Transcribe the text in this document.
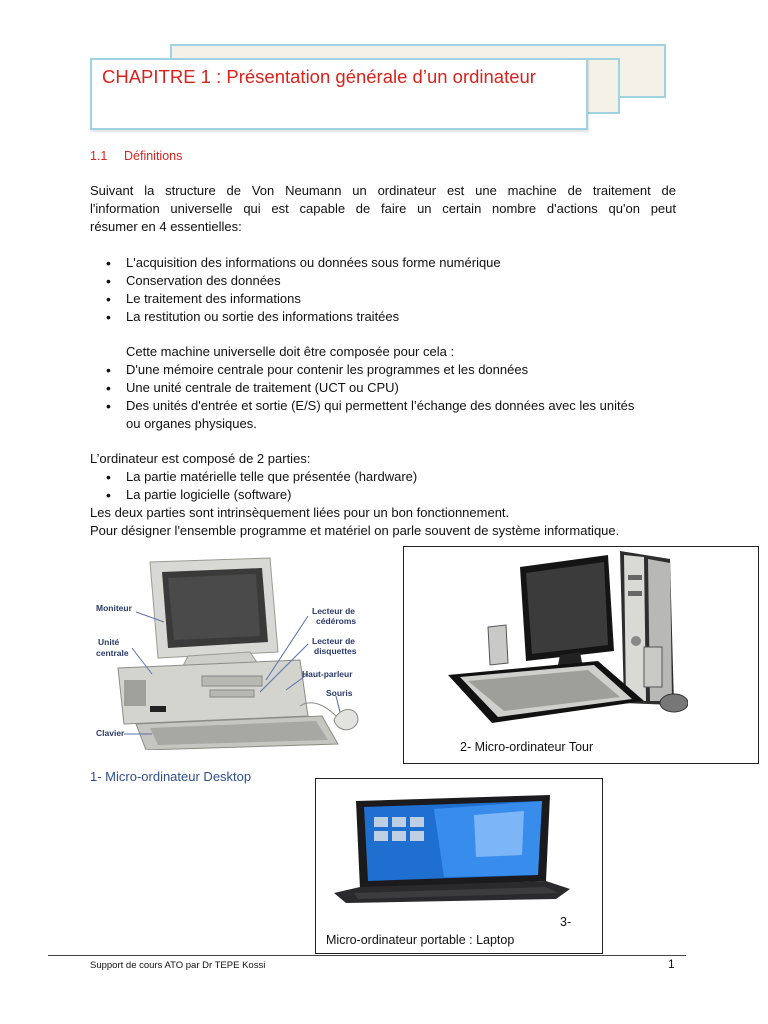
CHAPITRE 1 : Présentation générale d’un ordinateur
1.1 Définitions
Suivant la structure de Von Neumann un ordinateur est une machine de traitement de
l'information universelle qui est capable de faire un certain nombre d'actions qu'on peut
résumer en 4 essentielles:
• L'acquisition des informations ou données sous forme numérique
• Conservation des données
• Le traitement des informations
• La restitution ou sortie des informations traitées
Cette machine universelle doit être composée pour cela :
• D'une mémoire centrale pour contenir les programmes et les données
• Une unité centrale de traitement (UCT ou CPU)
• Des unités d'entrée et sortie (E/S) qui permettent l’échange des données avec les unités
ou organes physiques.
L’ordinateur est composé de 2 parties:
• La partie matérielle telle que présentée (hardware)
• La partie logicielle (software)
Les deux parties sont intrinsèquement liées pour un bon fonctionnement.
Pour désigner l'ensemble programme et matériel on parle souvent de système informatique.
Moniteur
Unité
centrale
Clavier
Lecteur de
cédéroms
Lecteur de
disquettes
Haut-parleur
Souris
1- Micro-ordinateur Desktop
2- Micro-ordinateur Tour
3-
Micro-ordinateur portable : Laptop
Support de cours ATO par Dr TEPE Kossi	1
